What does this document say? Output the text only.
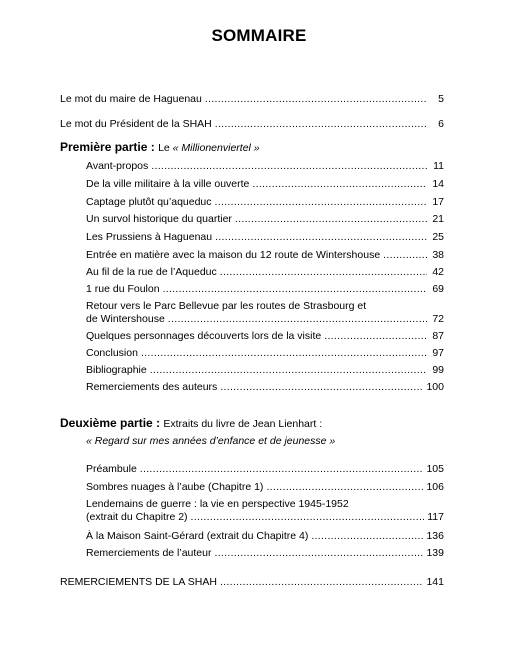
SOMMAIRE
Le mot du maire de Haguenau .....	5
Le mot du Président de la SHAH .....	6
Première partie : Le « Millionenviertel »
Avant-propos .....	11
De la ville militaire à la ville ouverte .....	14
Captage plutôt qu’aqueduc .....	17
Un survol historique du quartier .....	21
Les Prussiens à Haguenau .....	25
Entrée en matière avec la maison du 12 route de Wintershouse .....	38
Au fil de la rue de l’Aqueduc .....	42
1 rue du Foulon .....	69
Retour vers le Parc Bellevue par les routes de Strasbourg et
de Wintershouse .....	72
Quelques personnages découverts lors de la visite .....	87
Conclusion .....	97
Bibliographie .....	99
Remerciements des auteurs .....	100
Deuxième partie : Extraits du livre de Jean Lienhart :
« Regard sur mes années d’enfance et de jeunesse »
Préambule .....	105
Sombres nuages à l’aube (Chapitre 1) .....	106
Lendemains de guerre : la vie en perspective 1945-1952
(extrait du Chapitre 2) .....	117
À la Maison Saint-Gérard (extrait du Chapitre 4) .....	136
Remerciements de l’auteur .....	139
REMERCIEMENTS DE LA SHAH .....	141
